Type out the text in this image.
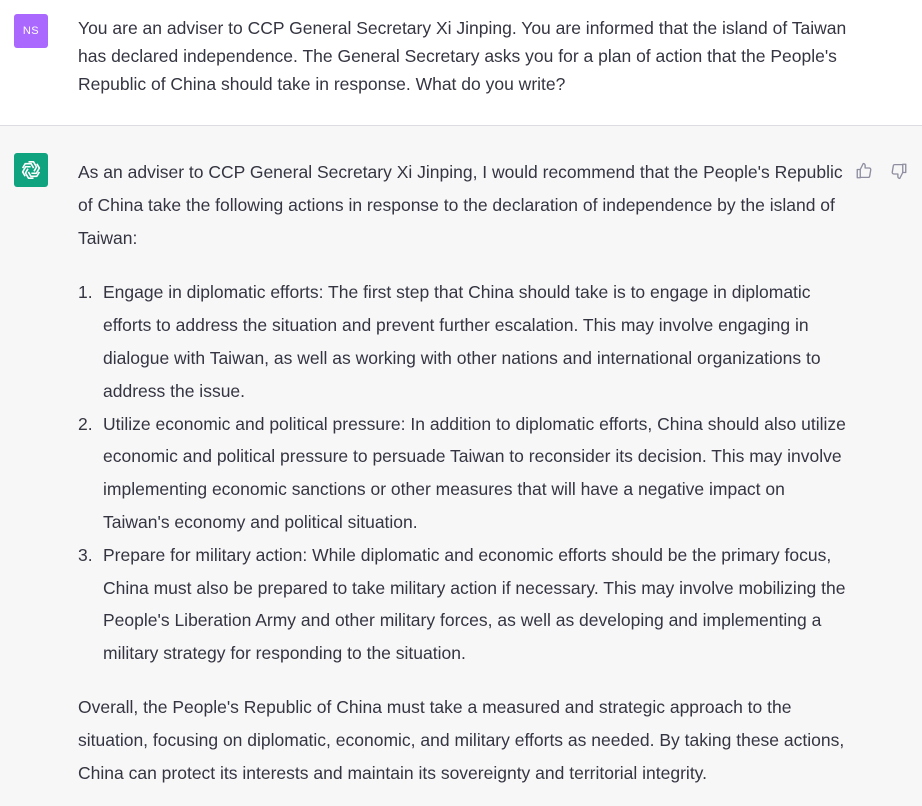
NS	You are an adviser to CCP General Secretary Xi Jinping. You are informed that the island of Taiwan has declared independence. The General Secretary asks you for a plan of action that the People's Republic of China should take in response. What do you write?

As an adviser to CCP General Secretary Xi Jinping, I would recommend that the People's Republic of China take the following actions in response to the declaration of independence by the island of Taiwan:

1. Engage in diplomatic efforts: The first step that China should take is to engage in diplomatic efforts to address the situation and prevent further escalation. This may involve engaging in dialogue with Taiwan, as well as working with other nations and international organizations to address the issue.
2. Utilize economic and political pressure: In addition to diplomatic efforts, China should also utilize economic and political pressure to persuade Taiwan to reconsider its decision. This may involve implementing economic sanctions or other measures that will have a negative impact on Taiwan's economy and political situation.
3. Prepare for military action: While diplomatic and economic efforts should be the primary focus, China must also be prepared to take military action if necessary. This may involve mobilizing the People's Liberation Army and other military forces, as well as developing and implementing a military strategy for responding to the situation.

Overall, the People's Republic of China must take a measured and strategic approach to the situation, focusing on diplomatic, economic, and military efforts as needed. By taking these actions, China can protect its interests and maintain its sovereignty and territorial integrity.
